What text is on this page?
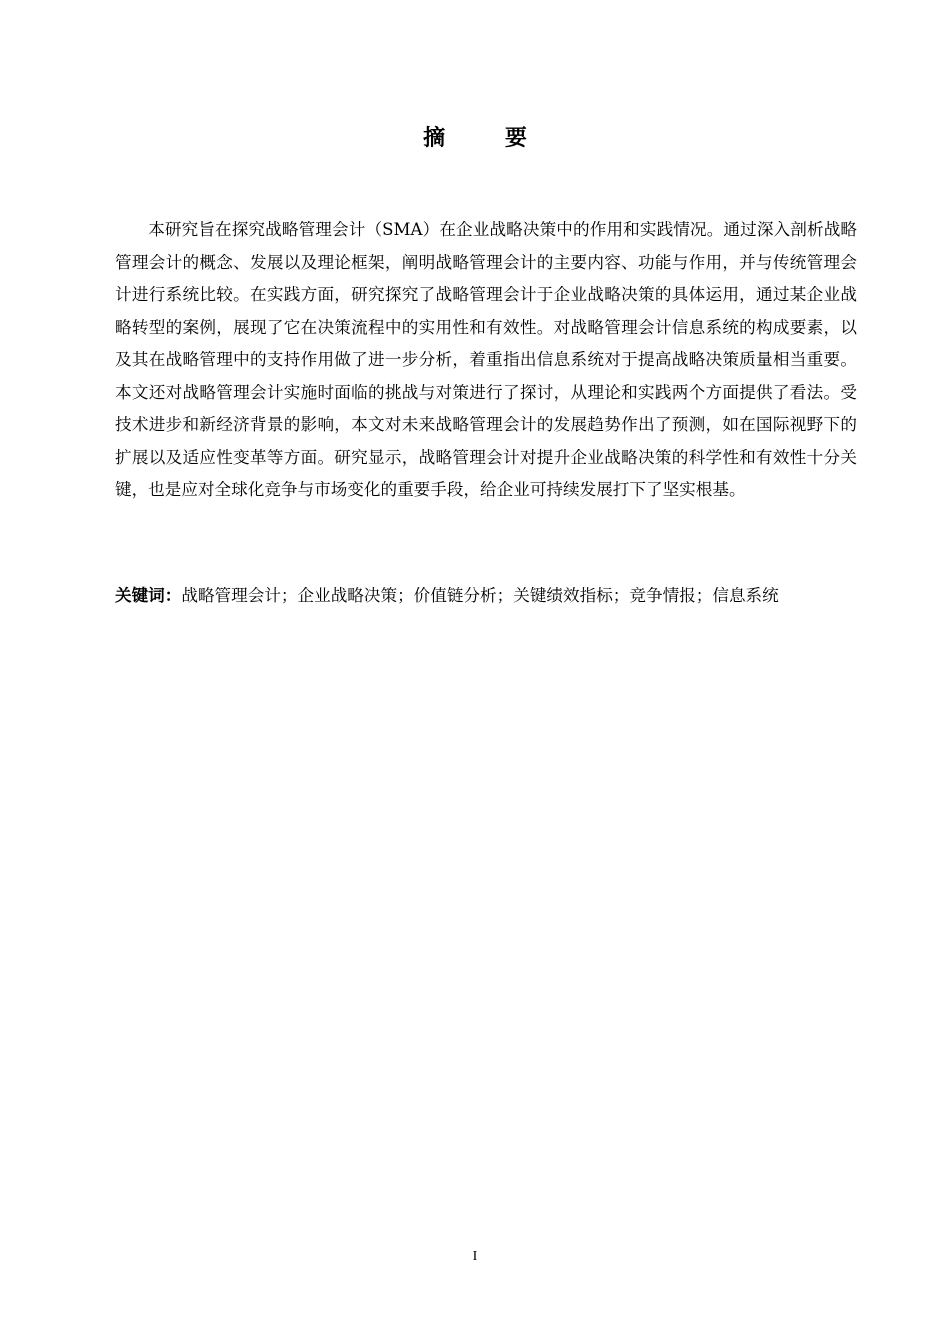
摘 要

本研究旨在探究战略管理会计（SMA）在企业战略决策中的作用和实践情况。通过深入剖析战略管理会计的概念、发展以及理论框架，阐明战略管理会计的主要内容、功能与作用，并与传统管理会计进行系统比较。在实践方面，研究探究了战略管理会计于企业战略决策的具体运用，通过某企业战略转型的案例，展现了它在决策流程中的实用性和有效性。对战略管理会计信息系统的构成要素，以及其在战略管理中的支持作用做了进一步分析，着重指出信息系统对于提高战略决策质量相当重要。本文还对战略管理会计实施时面临的挑战与对策进行了探讨，从理论和实践两个方面提供了看法。受技术进步和新经济背景的影响，本文对未来战略管理会计的发展趋势作出了预测，如在国际视野下的扩展以及适应性变革等方面。研究显示，战略管理会计对提升企业战略决策的科学性和有效性十分关键，也是应对全球化竞争与市场变化的重要手段，给企业可持续发展打下了坚实根基。

关键词：战略管理会计；企业战略决策；价值链分析；关键绩效指标；竞争情报；信息系统

I
